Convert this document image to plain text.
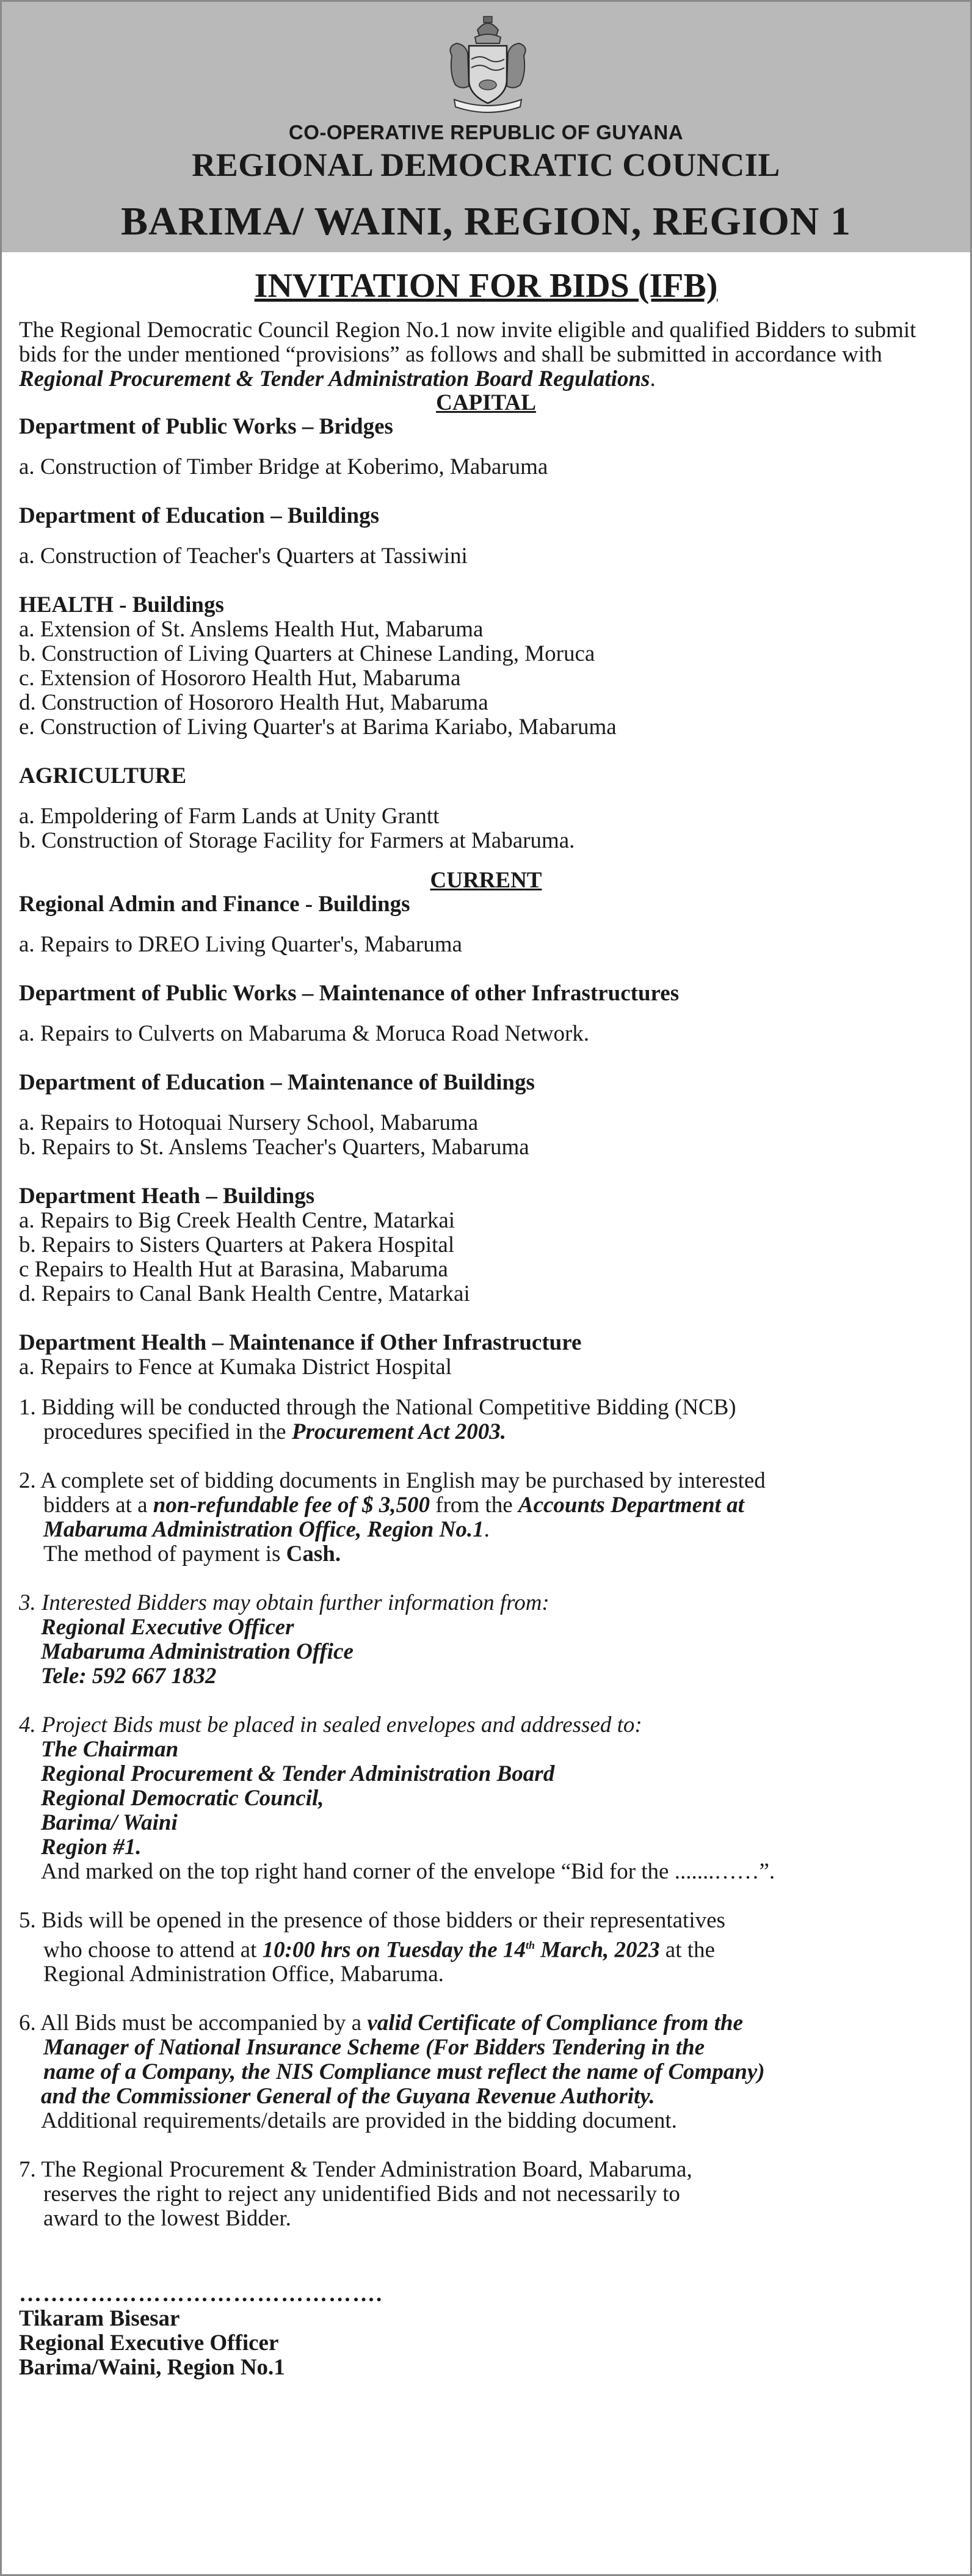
CO-OPERATIVE REPUBLIC OF GUYANA
REGIONAL DEMOCRATIC COUNCIL
BARIMA/ WAINI, REGION, REGION 1
INVITATION FOR BIDS (IFB)

The Regional Democratic Council Region No.1 now invite eligible and qualified Bidders to submit bids for the under mentioned “provisions” as follows and shall be submitted in accordance with Regional Procurement & Tender Administration Board Regulations.

CAPITAL
Department of Public Works – Bridges
a. Construction of Timber Bridge at Koberimo, Mabaruma
Department of Education – Buildings
a. Construction of Teacher's Quarters at Tassiwini
HEALTH - Buildings
a. Extension of St. Anslems Health Hut, Mabaruma
b. Construction of Living Quarters at Chinese Landing, Moruca
c. Extension of Hosororo Health Hut, Mabaruma
d. Construction of Hosororo Health Hut, Mabaruma
e. Construction of Living Quarter's at Barima Kariabo, Mabaruma
AGRICULTURE
a. Empoldering of Farm Lands at Unity Grantt
b. Construction of Storage Facility for Farmers at Mabaruma.
CURRENT
Regional Admin and Finance - Buildings
a. Repairs to DREO Living Quarter's, Mabaruma
Department of Public Works – Maintenance of other Infrastructures
a. Repairs to Culverts on Mabaruma & Moruca Road Network.
Department of Education – Maintenance of Buildings
a. Repairs to Hotoquai Nursery School, Mabaruma
b. Repairs to St. Anslems Teacher's Quarters, Mabaruma
Department Heath – Buildings
a. Repairs to Big Creek Health Centre, Matarkai
b. Repairs to Sisters Quarters at Pakera Hospital
c Repairs to Health Hut at Barasina, Mabaruma
d. Repairs to Canal Bank Health Centre, Matarkai
Department Health – Maintenance if Other Infrastructure
a. Repairs to Fence at Kumaka District Hospital
1. Bidding will be conducted through the National Competitive Bidding (NCB)
procedures specified in the Procurement Act 2003.
2. A complete set of bidding documents in English may be purchased by interested
bidders at a non-refundable fee of $ 3,500 from the Accounts Department at
Mabaruma Administration Office, Region No.1.
The method of payment is Cash.
3. Interested Bidders may obtain further information from:
Regional Executive Officer
Mabaruma Administration Office
Tele: 592 667 1832
4. Project Bids must be placed in sealed envelopes and addressed to:
The Chairman
Regional Procurement & Tender Administration Board
Regional Democratic Council,
Barima/ Waini
Region #1.
And marked on the top right hand corner of the envelope “Bid for the .......……”.
5. Bids will be opened in the presence of those bidders or their representatives
who choose to attend at 10:00 hrs on Tuesday the 14th March, 2023 at the
Regional Administration Office, Mabaruma.
6. All Bids must be accompanied by a valid Certificate of Compliance from the
Manager of National Insurance Scheme (For Bidders Tendering in the
name of a Company, the NIS Compliance must reflect the name of Company)
and the Commissioner General of the Guyana Revenue Authority.
Additional requirements/details are provided in the bidding document.
7. The Regional Procurement & Tender Administration Board, Mabaruma,
reserves the right to reject any unidentified Bids and not necessarily to
award to the lowest Bidder.
……………………………………….
Tikaram Bisesar
Regional Executive Officer
Barima/Waini, Region No.1
